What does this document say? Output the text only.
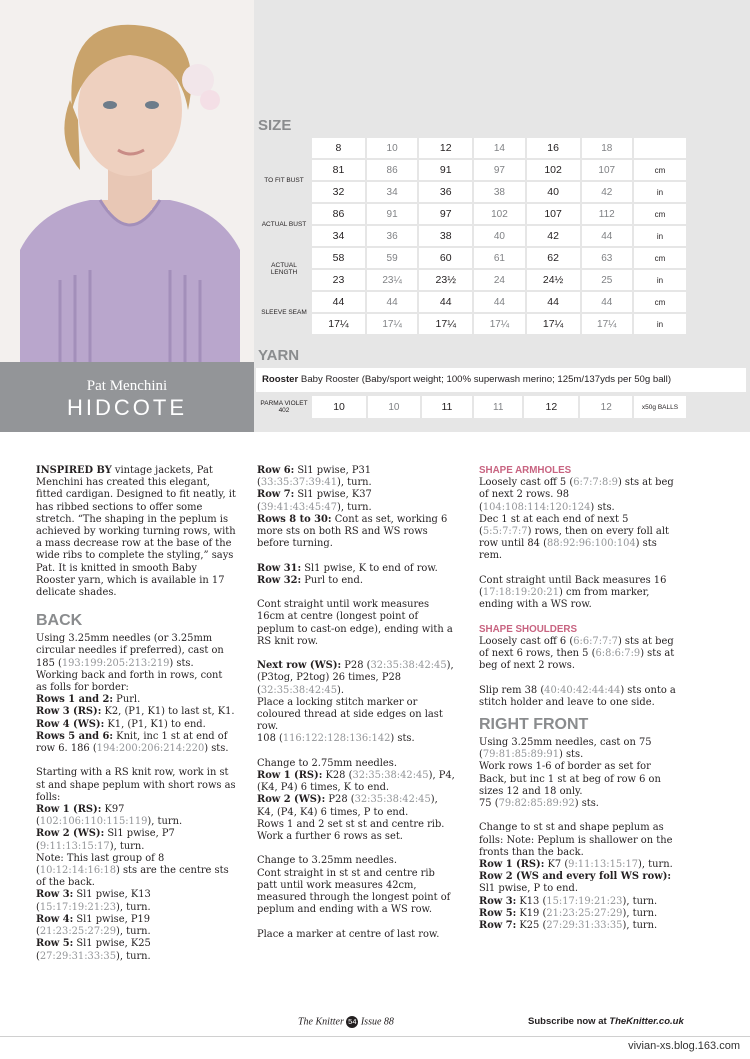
Pat Menchini
HIDCOTE
SIZE
	8	10	12	14	16	18	
TO FIT BUST	81	86	91	97	102	107	cm
	32	34	36	38	40	42	in
ACTUAL BUST	86	91	97	102	107	112	cm
	34	36	38	40	42	44	in
ACTUAL LENGTH	58	59	60	61	62	63	cm
	23	23¼	23½	24	24½	25	in
SLEEVE SEAM	44	44	44	44	44	44	cm
	17¼	17¼	17¼	17¼	17¼	17¼	in
YARN
Rooster Baby Rooster (Baby/sport weight; 100% superwash merino; 125m/137yds per 50g ball)
PARMA VIOLET 402	10	10	11	11	12	12	x50g BALLS

INSPIRED BY vintage jackets, Pat Menchini has created this elegant, fitted cardigan. Designed to fit neatly, it has ribbed sections to offer some stretch. “The shaping in the peplum is achieved by working turning rows, with a mass decrease row at the base of the wide ribs to complete the styling,” says Pat. It is knitted in smooth Baby Rooster yarn, which is available in 17 delicate shades.

BACK

Using 3.25mm needles (or 3.25mm circular needles if preferred), cast on 185 (193:199:205:213:219) sts.

Working back and forth in rows, cont as folls for border:

Rows 1 and 2: Purl.

Row 3 (RS): K2, (P1, K1) to last st, K1.

Row 4 (WS): K1, (P1, K1) to end.

Rows 5 and 6: Knit, inc 1 st at end of row 6. 186 (194:200:206:214:220) sts.

Starting with a RS knit row, work in st st and shape peplum with short rows as folls:

Row 1 (RS): K97 (102:106:110:115:119), turn.

Row 2 (WS): Sl1 pwise, P7 (9:11:13:15:17), turn.

Note: This last group of 8 (10:12:14:16:18) sts are the centre sts of the back.

Row 3: Sl1 pwise, K13 (15:17:19:21:23), turn.

Row 4: Sl1 pwise, P19 (21:23:25:27:29), turn.

Row 5: Sl1 pwise, K25 (27:29:31:33:35), turn.

Row 6: Sl1 pwise, P31 (33:35:37:39:41), turn.

Row 7: Sl1 pwise, K37 (39:41:43:45:47), turn.

Rows 8 to 30: Cont as set, working 6 more sts on both RS and WS rows before turning.

Row 31: Sl1 pwise, K to end of row.

Row 32: Purl to end.

Cont straight until work measures 16cm at centre (longest point of peplum to cast-on edge), ending with a RS knit row.

Next row (WS): P28 (32:35:38:42:45), (P3tog, P2tog) 26 times, P28 (32:35:38:42:45).

Place a locking stitch marker or coloured thread at side edges on last row.

108 (116:122:128:136:142) sts.

Change to 2.75mm needles.

Row 1 (RS): K28 (32:35:38:42:45), P4, (K4, P4) 6 times, K to end.

Row 2 (WS): P28 (32:35:38:42:45), K4, (P4, K4) 6 times, P to end.

Rows 1 and 2 set st st and centre rib. Work a further 6 rows as set.

Change to 3.25mm needles.

Cont straight in st st and centre rib patt until work measures 42cm, measured through the longest point of peplum and ending with a WS row.

Place a marker at centre of last row.

SHAPE ARMHOLES

Loosely cast off 5 (6:7:7:8:9) sts at beg of next 2 rows. 98 (104:108:114:120:124) sts.

Dec 1 st at each end of next 5 (5:5:7:7:7) rows, then on every foll alt row until 84 (88:92:96:100:104) sts rem.

Cont straight until Back measures 16 (17:18:19:20:21) cm from marker, ending with a WS row.

SHAPE SHOULDERS

Loosely cast off 6 (6:6:7:7:7) sts at beg of next 6 rows, then 5 (6:8:6:7:9) sts at beg of next 2 rows.

Slip rem 38 (40:40:42:44:44) sts onto a stitch holder and leave to one side.

RIGHT FRONT

Using 3.25mm needles, cast on 75 (79:81:85:89:91) sts.

Work rows 1-6 of border as set for Back, but inc 1 st at beg of row 6 on sizes 12 and 18 only.

75 (79:82:85:89:92) sts.

Change to st st and shape peplum as folls: Note: Peplum is shallower on the fronts than the back.

Row 1 (RS): K7 (9:11:13:15:17), turn.

Row 2 (WS and every foll WS row): Sl1 pwise, P to end.

Row 3: K13 (15:17:19:21:23), turn.

Row 5: K19 (21:23:25:27:29), turn.

Row 7: K25 (27:29:31:33:35), turn.

The Knitter 54 Issue 88	Subscribe now at TheKnitter.co.uk
vivian-xs.blog.163.com
